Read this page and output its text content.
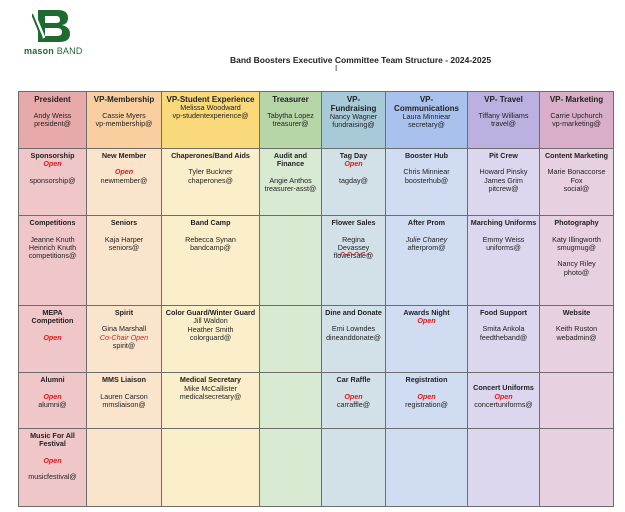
mason BAND
Band Boosters Executive Committee Team Structure - 2024-2025
I
President
Andy Weiss
president@	VP-Membership
Cassie Myers
vp-membership@	VP-Student Experience
Melissa Woodward
vp-studentexperience@	Treasurer
Tabytha Lopez
treasurer@	VP-Fundraising
Nancy Wagner
fundraising@	VP-Communications
Laura Minniear
secretary@	VP- Travel
Tiffany Williams
travel@	VP- Marketing
Carrie Upchurch
vp-marketing@

Sponsorship
Open
sponsorship@	New Member
Open
newmember@	Chaperones/Band Aids
Tyler Buckner
chaperones@	Audit and Finance
Angie Anthos
treasurer-asst@	Tag Day
Open
tagday@	Booster Hub
Chris Minniear
boosterhub@	Pit Crew
Howard Pinsky
James Grim
pitcrew@	Content Marketing
Marie Bonaccorse Fox
social@

Competitions
Jeanne Knuth
Heinrich Knuth
competitions@	Seniors
Kaja Harper
seniors@	Band Camp
Rebecca Synan
bandcamp@		Flower Sales
Regina
Devassey
flowersale@	After Prom
Julie Chaney
afterprom@	Marching Uniforms
Emmy Weiss
uniforms@	Photography
Katy Illingworth
smugmug@
Nancy Riley
photo@

MEPA Competition
Open	Spirit
Gina Marshall
Co-Chair Open
spirit@	Color Guard/Winter Guard
Jill Waldon
Heather Smith
colorguard@		Dine and Donate
Emi Lowndes
dineanddonate@	Awards Night
Open	Food Support
Smita Ankola
feedtheband@	Website
Keith Ruston
webadmin@

Alumni
Open
alumni@	MMS Liaison
Lauren Carson
mmsliaison@	Medical Secretary
Mike McCallister
medicalsecretary@		Car Raffle
Open
carraffle@	Registration
Open
registration@	Concert Uniforms
Open
concertuniforms@	

Music For All Festival
Open
musicfestival@							
